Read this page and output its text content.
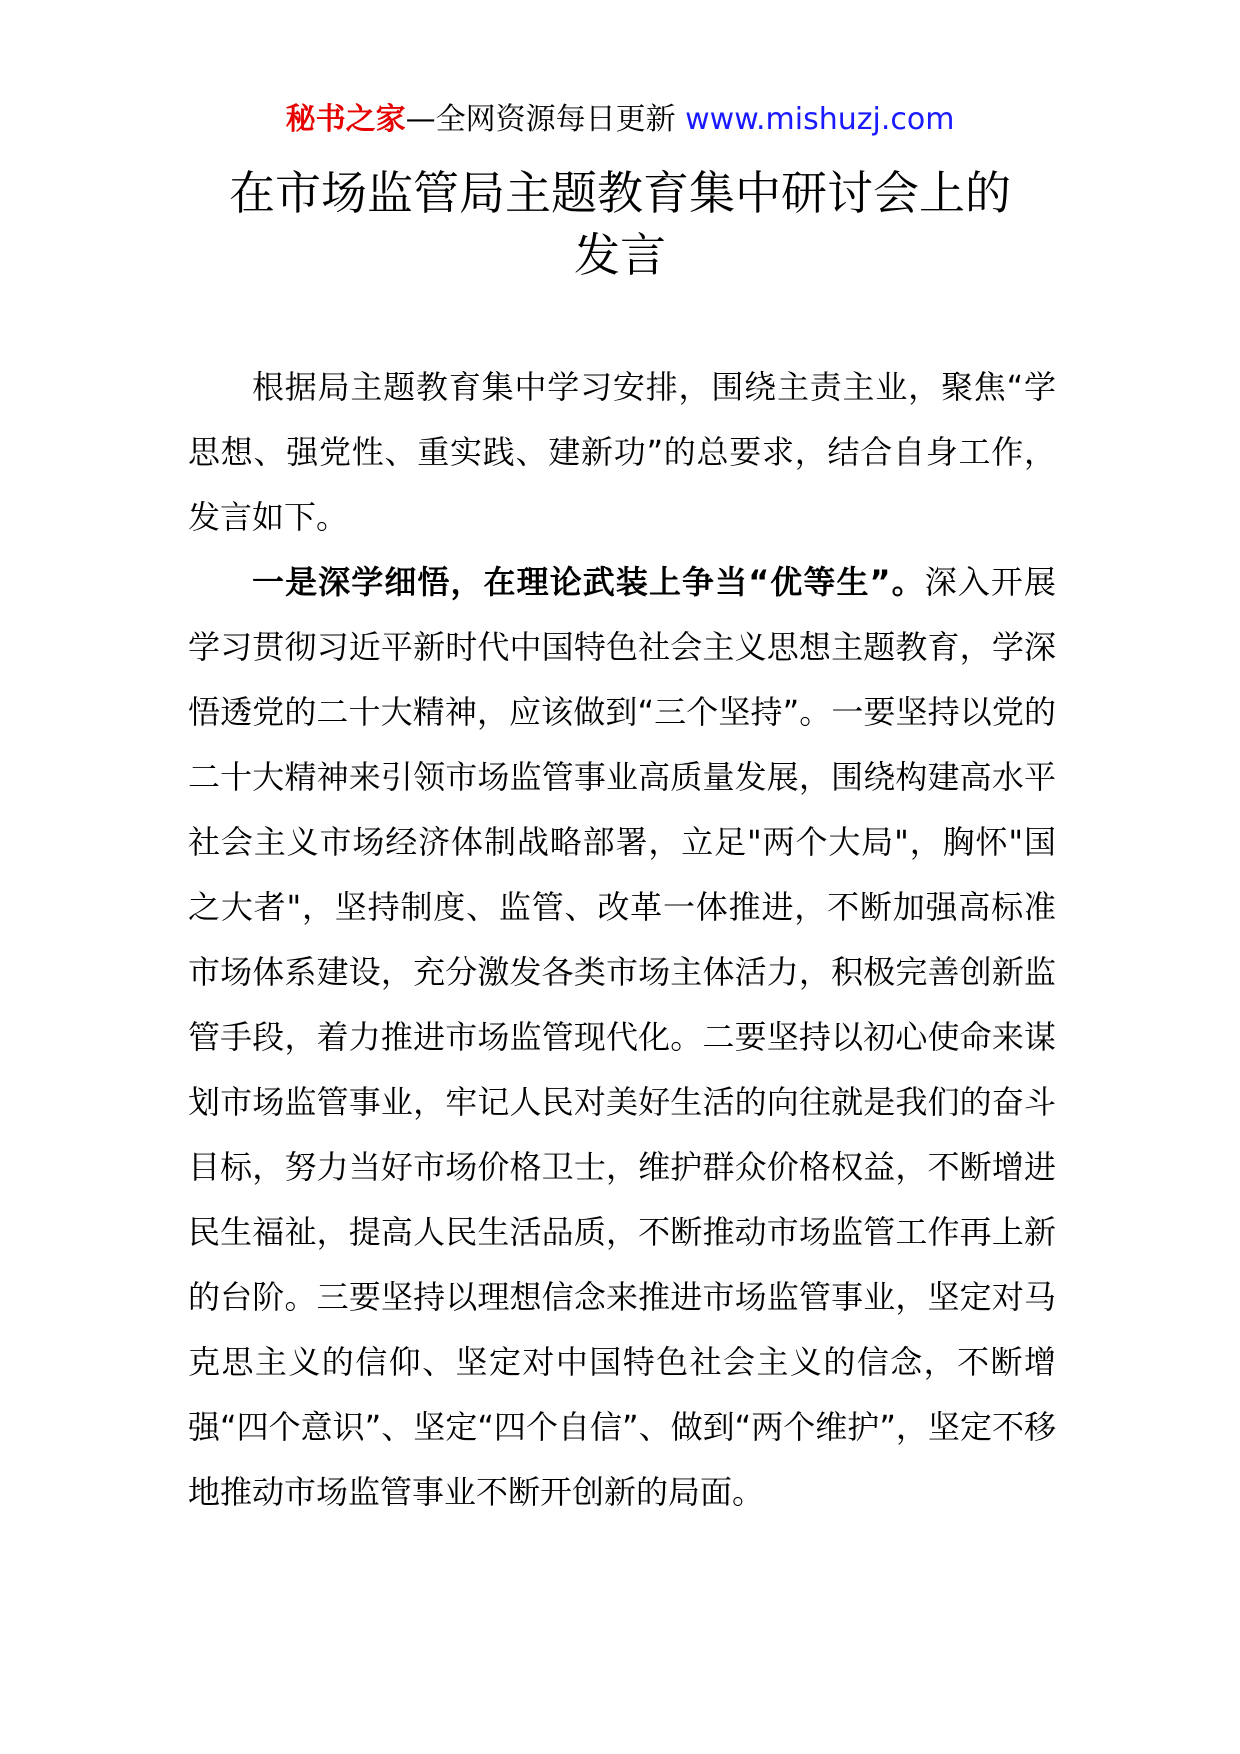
秘书之家—全网资源每日更新 www.mishuzj.com
在市场监管局主题教育集中研讨会上的
发言

根据局主题教育集中学习安排，围绕主责主业，聚焦“学思想、强党性、重实践、建新功”的总要求，结合自身工作，发言如下。

一是深学细悟，在理论武装上争当“优等生”。深入开展学习贯彻习近平新时代中国特色社会主义思想主题教育，学深悟透党的二十大精神，应该做到“三个坚持”。一要坚持以党的二十大精神来引领市场监管事业高质量发展，围绕构建高水平社会主义市场经济体制战略部署，立足"两个大局"，胸怀"国之大者"，坚持制度、监管、改革一体推进，不断加强高标准市场体系建设，充分激发各类市场主体活力，积极完善创新监管手段，着力推进市场监管现代化。二要坚持以初心使命来谋划市场监管事业，牢记人民对美好生活的向往就是我们的奋斗目标，努力当好市场价格卫士，维护群众价格权益，不断增进民生福祉，提高人民生活品质，不断推动市场监管工作再上新的台阶。三要坚持以理想信念来推进市场监管事业，坚定对马克思主义的信仰、坚定对中国特色社会主义的信念，不断增强“四个意识”、坚定“四个自信”、做到“两个维护”，坚定不移地推动市场监管事业不断开创新的局面。
